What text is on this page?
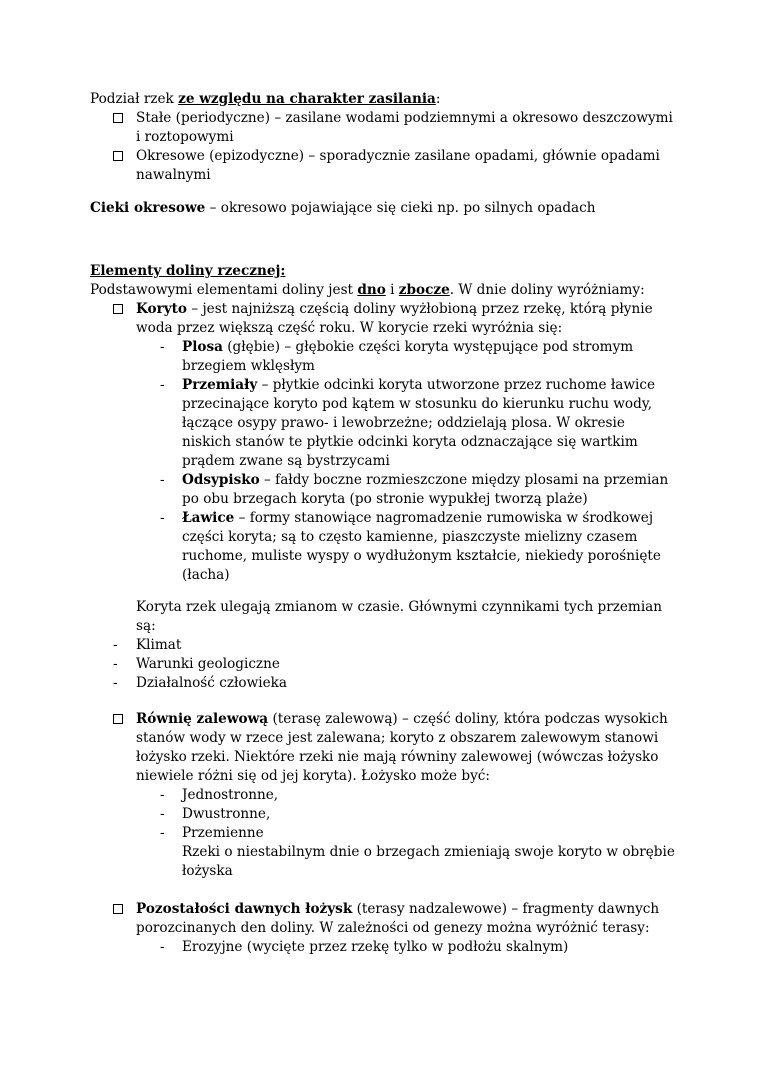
Podział rzek ze względu na charakter zasilania:

Stałe (periodyczne) – zasilane wodami podziemnymi a okresowo deszczowymi

i roztopowymi

Okresowe (epizodyczne) – sporadycznie zasilane opadami, głównie opadami

nawalnymi

Cieki okresowe – okresowo pojawiające się cieki np. po silnych opadach

Elementy doliny rzecznej:

Podstawowymi elementami doliny jest dno i zbocze. W dnie doliny wyróżniamy:

Koryto – jest najniższą częścią doliny wyżłobioną przez rzekę, którą płynie

woda przez większą część roku. W korycie rzeki wyróżnia się:

- Plosa (głębie) – głębokie części koryta występujące pod stromym

brzegiem wklęsłym

- Przemiały – płytkie odcinki koryta utworzone przez ruchome ławice

przecinające koryto pod kątem w stosunku do kierunku ruchu wody,

łączące osypy prawo- i lewobrzeżne; oddzielają plosa. W okresie

niskich stanów te płytkie odcinki koryta odznaczające się wartkim

prądem zwane są bystrzycami

- Odsypisko – fałdy boczne rozmieszczone między plosami na przemian

po obu brzegach koryta (po stronie wypukłej tworzą plaże)

- Ławice – formy stanowiące nagromadzenie rumowiska w środkowej

części koryta; są to często kamienne, piaszczyste mielizny czasem

ruchome, muliste wyspy o wydłużonym kształcie, niekiedy porośnięte

(łacha)

Koryta rzek ulegają zmianom w czasie. Głównymi czynnikami tych przemian

są:

- Klimat

- Warunki geologiczne

- Działalność człowieka

Równię zalewową (terasę zalewową) – część doliny, która podczas wysokich

stanów wody w rzece jest zalewana; koryto z obszarem zalewowym stanowi

łożysko rzeki. Niektóre rzeki nie mają równiny zalewowej (wówczas łożysko

niewiele różni się od jej koryta). Łożysko może być:

- Jednostronne,

- Dwustronne,

- Przemienne

Rzeki o niestabilnym dnie o brzegach zmieniają swoje koryto w obrębie

łożyska

Pozostałości dawnych łożysk (terasy nadzalewowe) – fragmenty dawnych

porozcinanych den doliny. W zależności od genezy można wyróżnić terasy:

- Erozyjne (wycięte przez rzekę tylko w podłożu skalnym)
